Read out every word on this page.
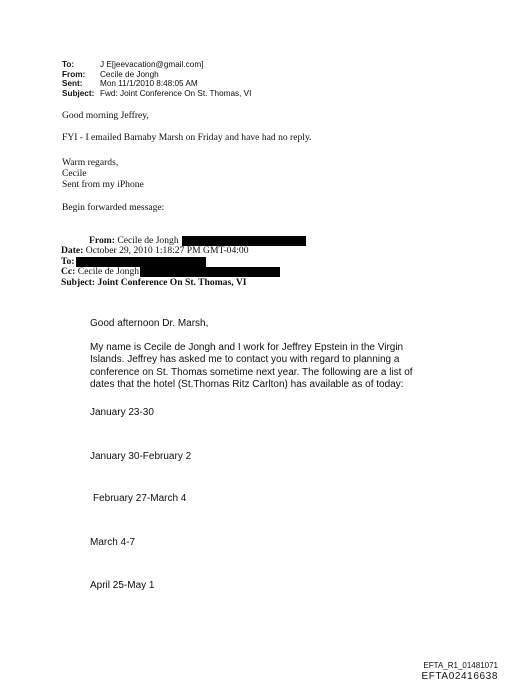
To:	J E[jeevacation@gmail.com]
From:	Cecile de Jongh
Sent:	Mon 11/1/2010 8:48:05 AM
Subject: Fwd: Joint Conference On St. Thomas, VI
Good morning Jeffrey,
FYI - I emailed Barnaby Marsh on Friday and have had no reply.
Warm regards,
Cecile
Sent from my iPhone
Begin forwarded message:
From:
Cecile de Jongh
Date:
October 29, 2010 1:18:27 PM GMT-04:00
To:
Cc:
Cecile de Jongh
Subject:
Joint Conference On St. Thomas, VI
Good afternoon Dr. Marsh,
My name is Cecile de Jongh and I work for Jeffrey Epstein in the Virgin
Islands. Jeffrey has asked me to contact you with regard to planning a
conference on St. Thomas sometime next year. The following are a list of
dates that the hotel (St.Thomas Ritz Carlton) has available as of today:
January 23-30
January 30-February 2
February 27-March 4
March 4-7
April 25-May 1
EFTA_R1_01481071
EFTA02416638
